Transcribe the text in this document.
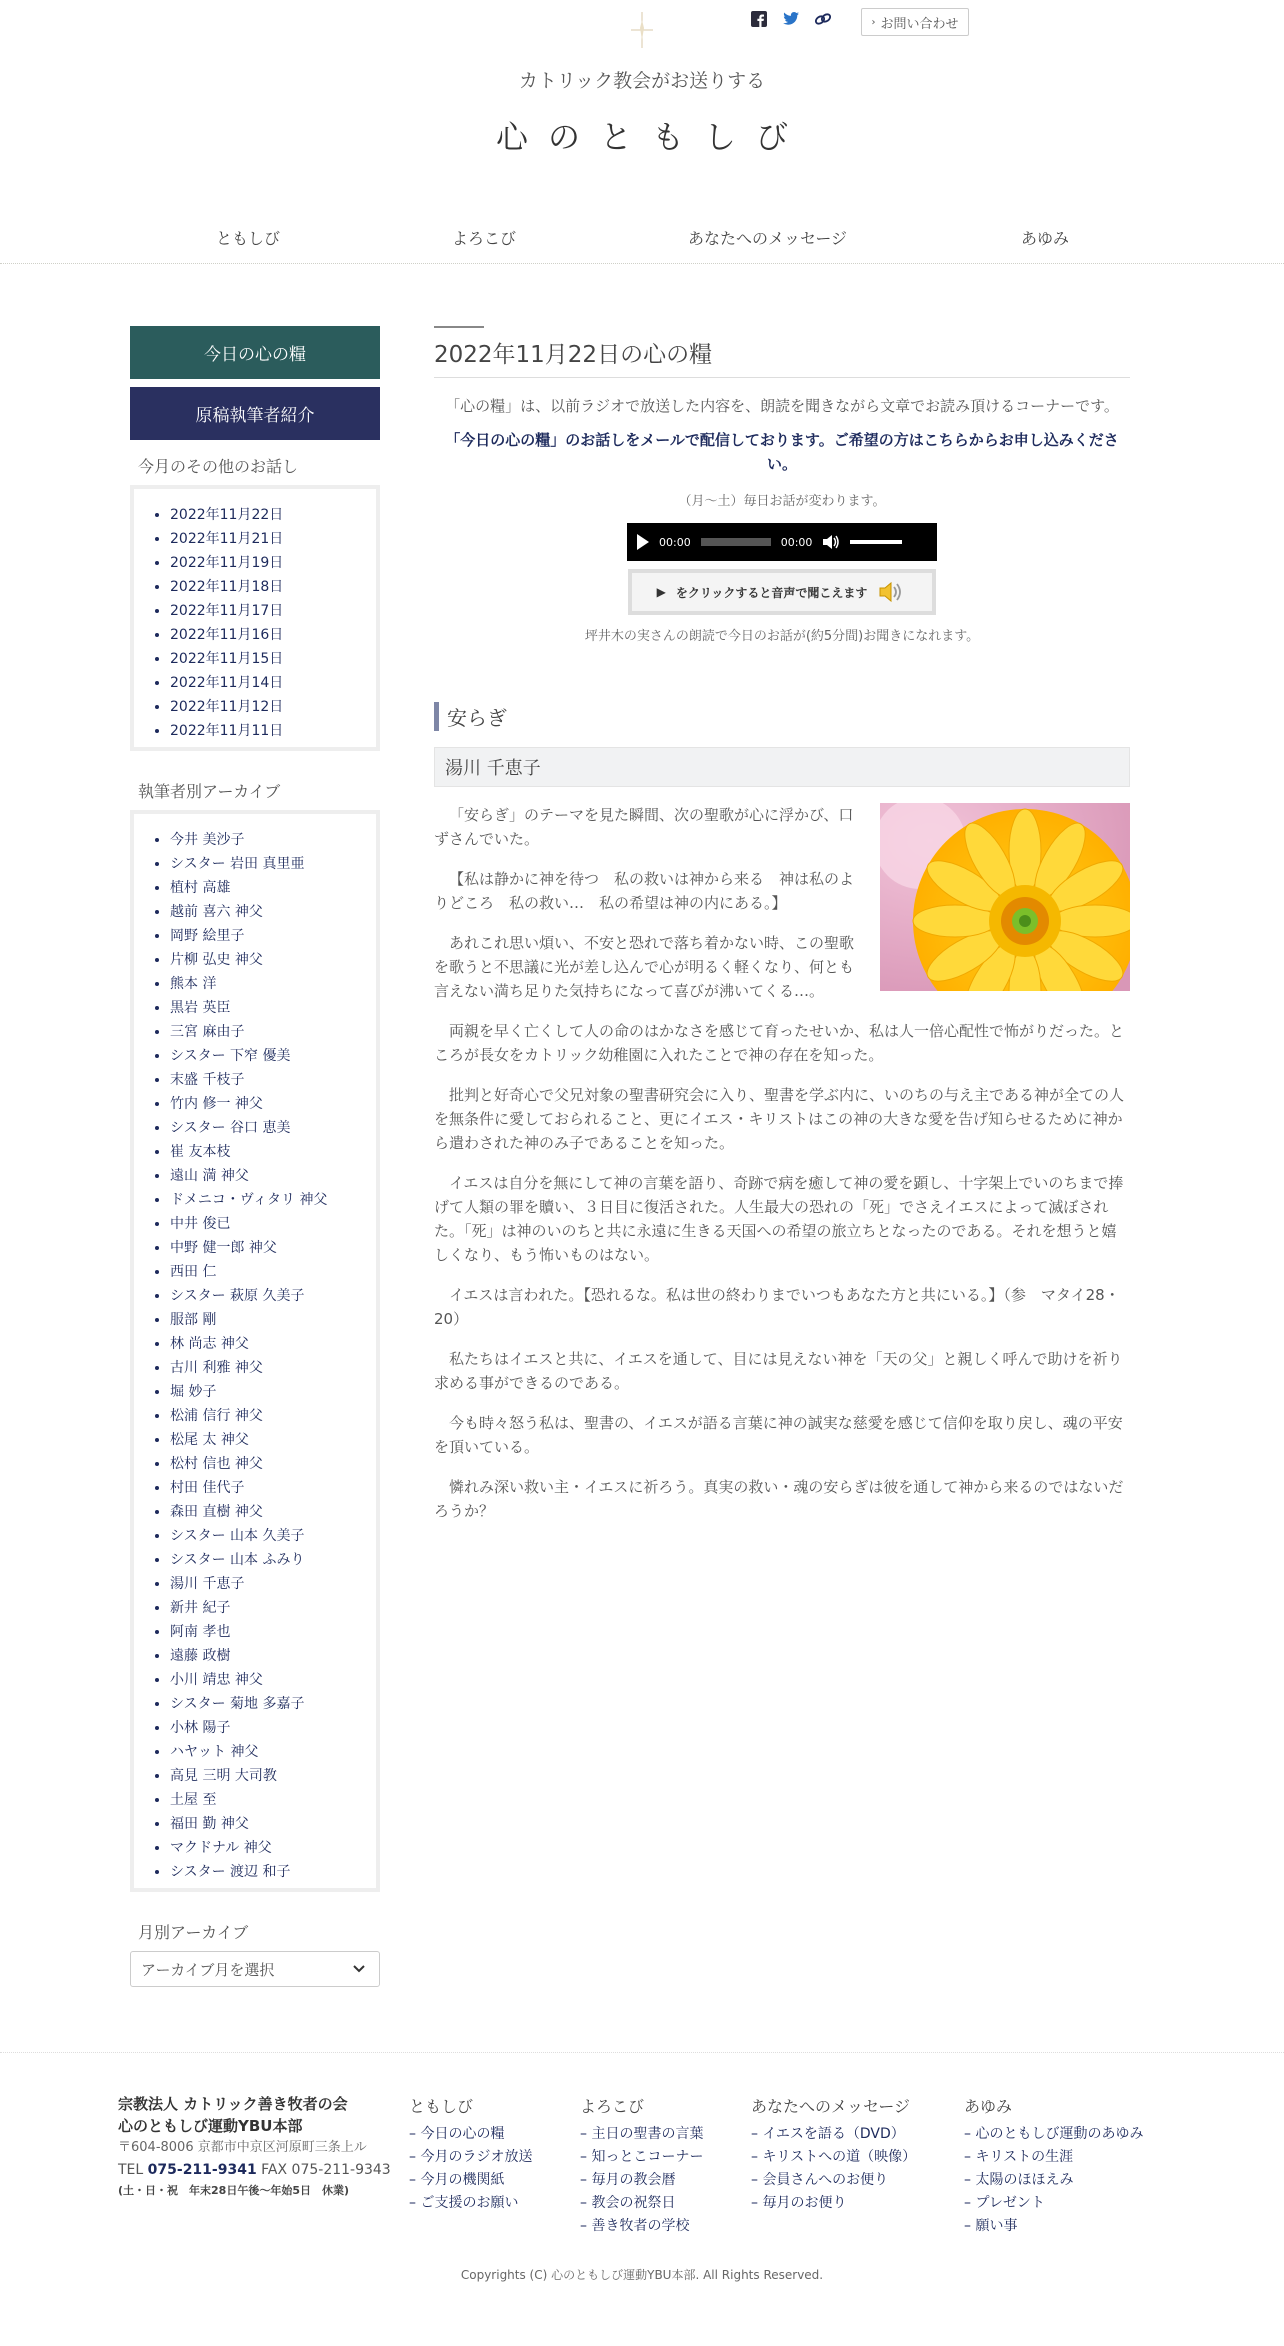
› お問い合わせ
カトリック教会がお送りする
心のともしび
ともしび	よろこび	あなたへのメッセージ	あゆみ
今日の心の糧
原稿執筆者紹介
今月のその他のお話し
• 2022年11月22日
• 2022年11月21日
• 2022年11月19日
• 2022年11月18日
• 2022年11月17日
• 2022年11月16日
• 2022年11月15日
• 2022年11月14日
• 2022年11月12日
• 2022年11月11日
執筆者別アーカイブ
• 今井 美沙子
• シスター 岩田 真里亜
• 植村 高雄
• 越前 喜六 神父
• 岡野 絵里子
• 片柳 弘史 神父
• 熊本 洋
• 黒岩 英臣
• 三宮 麻由子
• シスター 下窄 優美
• 末盛 千枝子
• 竹内 修一 神父
• シスター 谷口 恵美
• 崔 友本枝
• 遠山 満 神父
• ドメニコ・ヴィタリ 神父
• 中井 俊已
• 中野 健一郎 神父
• 西田 仁
• シスター 萩原 久美子
• 服部 剛
• 林 尚志 神父
• 古川 利雅 神父
• 堀 妙子
• 松浦 信行 神父
• 松尾 太 神父
• 松村 信也 神父
• 村田 佳代子
• 森田 直樹 神父
• シスター 山本 久美子
• シスター 山本 ふみり
• 湯川 千恵子
• 新井 紀子
• 阿南 孝也
• 遠藤 政樹
• 小川 靖忠 神父
• シスター 菊地 多嘉子
• 小林 陽子
• ハヤット 神父
• 高見 三明 大司教
• 土屋 至
• 福田 勤 神父
• マクドナル 神父
• シスター 渡辺 和子
月別アーカイブ
アーカイブ月を選択
2022年11月22日の心の糧
「心の糧」は、以前ラジオで放送した内容を、朗読を聞きながら文章でお読み頂けるコーナーです。
「今日の心の糧」のお話しをメールで配信しております。ご希望の方はこちらからお申し込みください。
（月～土）毎日お話が変わります。
00:00	00:00
▶ をクリックすると音声で聞こえます
坪井木の実さんの朗読で今日のお話が(約5分間)お聞きになれます。
安らぎ
湯川 千恵子

「安らぎ」のテーマを見た瞬間、次の聖歌が心に浮かび、口ずさんでいた。

【私は静かに神を待つ　私の救いは神から来る　神は私のよりどころ　私の救い…　私の希望は神の内にある。】

あれこれ思い煩い、不安と恐れで落ち着かない時、この聖歌を歌うと不思議に光が差し込んで心が明るく軽くなり、何とも言えない満ち足りた気持ちになって喜びが沸いてくる…。

両親を早く亡くして人の命のはかなさを感じて育ったせいか、私は人一倍心配性で怖がりだった。ところが長女をカトリック幼稚園に入れたことで神の存在を知った。

批判と好奇心で父兄対象の聖書研究会に入り、聖書を学ぶ内に、いのちの与え主である神が全ての人を無条件に愛しておられること、更にイエス・キリストはこの神の大きな愛を告げ知らせるために神から遣わされた神のみ子であることを知った。

イエスは自分を無にして神の言葉を語り、奇跡で病を癒して神の愛を顕し、十字架上でいのちまで捧げて人類の罪を贖い、３日目に復活された。人生最大の恐れの「死」でさえイエスによって滅ぼされた。「死」は神のいのちと共に永遠に生きる天国への希望の旅立ちとなったのである。それを想うと嬉しくなり、もう怖いものはない。

イエスは言われた。【恐れるな。私は世の終わりまでいつもあなた方と共にいる。】（参　マタイ28・20）

私たちはイエスと共に、イエスを通して、目には見えない神を「天の父」と親しく呼んで助けを祈り求める事ができるのである。

今も時々怒う私は、聖書の、イエスが語る言葉に神の誠実な慈愛を感じて信仰を取り戻し、魂の平安を頂いている。

憐れみ深い救い主・イエスに祈ろう。真実の救い・魂の安らぎは彼を通して神から来るのではないだろうか？

宗教法人 カトリック善き牧者の会
心のともしび運動YBU本部
〒604-8006 京都市中京区河原町三条上ル
TEL 075-211-9341 FAX 075-211-9343
(土・日・祝　年末28日午後〜年始5日　休業)
ともしび
– 今日の心の糧
– 今月のラジオ放送
– 今月の機関紙
– ご支援のお願い
よろこび
– 主日の聖書の言葉
– 知っとこコーナー
– 毎月の教会暦
– 教会の祝祭日
– 善き牧者の学校
あなたへのメッセージ
– イエスを語る（DVD）
– キリストへの道（映像）
– 会員さんへのお便り
– 毎月のお便り
あゆみ
– 心のともしび運動のあゆみ
– キリストの生涯
– 太陽のほほえみ
– プレゼント
– 願い事
Copyrights (C) 心のともしび運動YBU本部. All Rights Reserved.
